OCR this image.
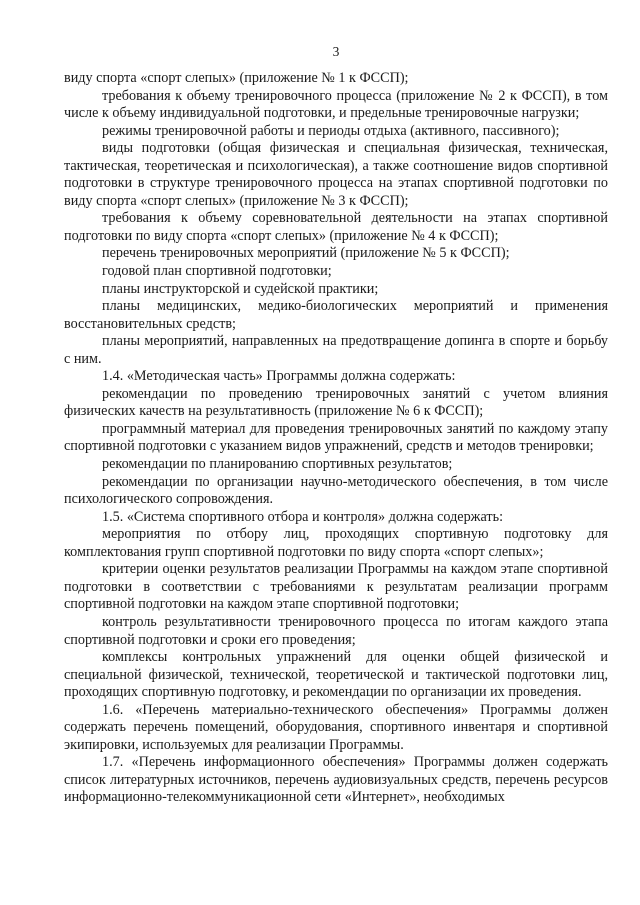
3

виду спорта «спорт слепых» (приложение № 1 к ФССП);

требования к объему тренировочного процесса (приложение № 2 к ФССП), в том числе к объему индивидуальной подготовки, и предельные тренировочные нагрузки;

режимы тренировочной работы и периоды отдыха (активного, пассивного);

виды подготовки (общая физическая и специальная физическая, техническая, тактическая, теоретическая и психологическая), а также соотношение видов спортивной подготовки в структуре тренировочного процесса на этапах спортивной подготовки по виду спорта «спорт слепых» (приложение № 3 к ФССП);

требования к объему соревновательной деятельности на этапах спортивной подготовки по виду спорта «спорт слепых» (приложение № 4 к ФССП);

перечень тренировочных мероприятий (приложение № 5 к ФССП);

годовой план спортивной подготовки;

планы инструкторской и судейской практики;

планы медицинских, медико-биологических мероприятий и применения восстановительных средств;

планы мероприятий, направленных на предотвращение допинга в спорте и борьбу с ним.

1.4. «Методическая часть» Программы должна содержать:

рекомендации по проведению тренировочных занятий с учетом влияния физических качеств на результативность (приложение № 6 к ФССП);

программный материал для проведения тренировочных занятий по каждому этапу спортивной подготовки с указанием видов упражнений, средств и методов тренировки;

рекомендации по планированию спортивных результатов;

рекомендации по организации научно-методического обеспечения, в том числе психологического сопровождения.

1.5. «Система спортивного отбора и контроля» должна содержать:

мероприятия по отбору лиц, проходящих спортивную подготовку для комплектования групп спортивной подготовки по виду спорта «спорт слепых»;

критерии оценки результатов реализации Программы на каждом этапе спортивной подготовки в соответствии с требованиями к результатам реализации программ спортивной подготовки на каждом этапе спортивной подготовки;

контроль результативности тренировочного процесса по итогам каждого этапа спортивной подготовки и сроки его проведения;

комплексы контрольных упражнений для оценки общей физической и специальной физической, технической, теоретической и тактической подготовки лиц, проходящих спортивную подготовку, и рекомендации по организации их проведения.

1.6. «Перечень материально-технического обеспечения» Программы должен содержать перечень помещений, оборудования, спортивного инвентаря и спортивной экипировки, используемых для реализации Программы.

1.7. «Перечень информационного обеспечения» Программы должен содержать список литературных источников, перечень аудиовизуальных средств, перечень ресурсов информационно-телекоммуникационной сети «Интернет», необходимых
